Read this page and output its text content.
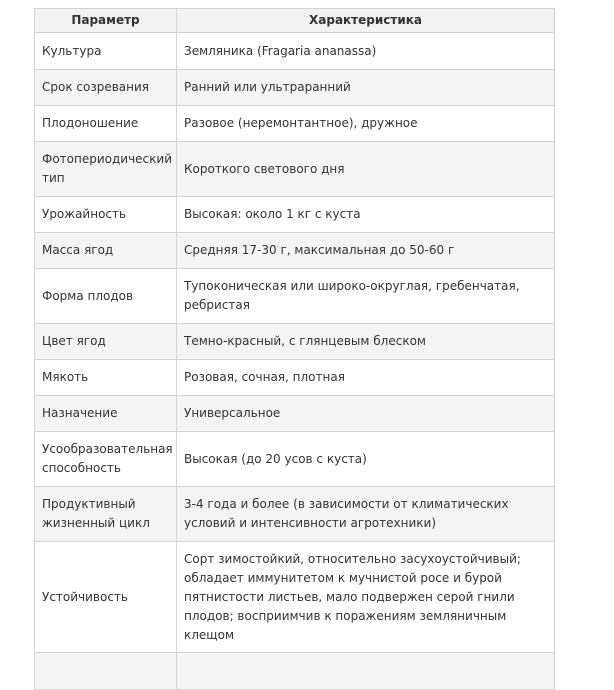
Параметр	Характеристика
Культура	Земляника (Fragaria ananassa)
Срок созревания	Ранний или ультраранний
Плодоношение	Разовое (неремонтантное), дружное
Фотопериодический тип	Короткого светового дня
Урожайность	Высокая: около 1 кг с куста
Масса ягод	Средняя 17-30 г, максимальная до 50-60 г
Форма плодов	Тупоконическая или широко-округлая, гребенчатая, ребристая
Цвет ягод	Темно-красный, с глянцевым блеском
Мякоть	Розовая, сочная, плотная
Назначение	Универсальное
Усообразовательная способность	Высокая (до 20 усов с куста)
Продуктивный жизненный цикл	3-4 года и более (в зависимости от климатических условий и интенсивности агротехники)
Устойчивость	Сорт зимостойкий, относительно засухоустойчивый; обладает иммунитетом к мучнистой росе и бурой пятнистости листьев, мало подвержен серой гнили плодов; восприимчив к поражениям земляничным клещом
